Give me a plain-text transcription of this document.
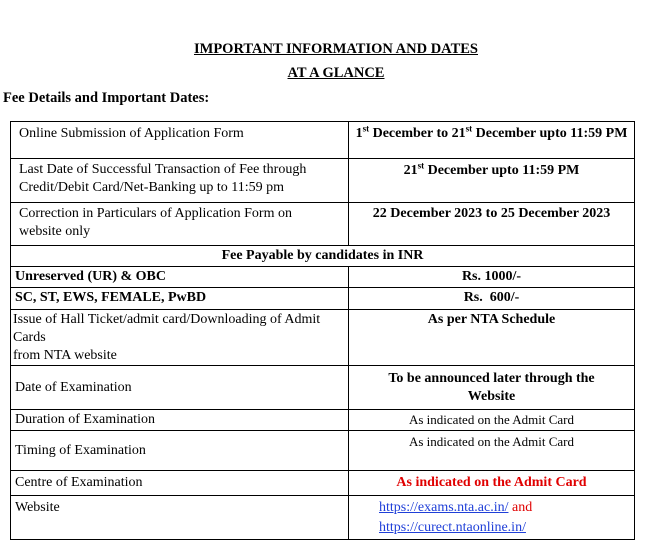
IMPORTANT INFORMATION AND DATES
AT A GLANCE
Fee Details and Important Dates:
Online Submission of Application Form	1st December to 21st December upto 11:59 PM

Last Date of Successful Transaction of Fee through
Credit/Debit Card/Net-Banking up to 11:59 pm	21st December upto 11:59 PM

Correction in Particulars of Application Form on
website only	22 December 2023 to 25 December 2023
Fee Payable by candidates in INR	
Unreserved (UR) & OBC	Rs. 1000/-
SC, ST, EWS, FEMALE, PwBD	Rs.  600/-

Issue of Hall Ticket/admit card/Downloading of Admit Cards
from NTA website	As per NTA Schedule
Date of Examination	To be announced later through the
Website

Duration of Examination	As indicated on the Admit Card
Timing of Examination	As indicated on the Admit Card
Centre of Examination	As indicated on the Admit Card
Website	https://exams.nta.ac.in/ and
https://curect.ntaonline.in/
